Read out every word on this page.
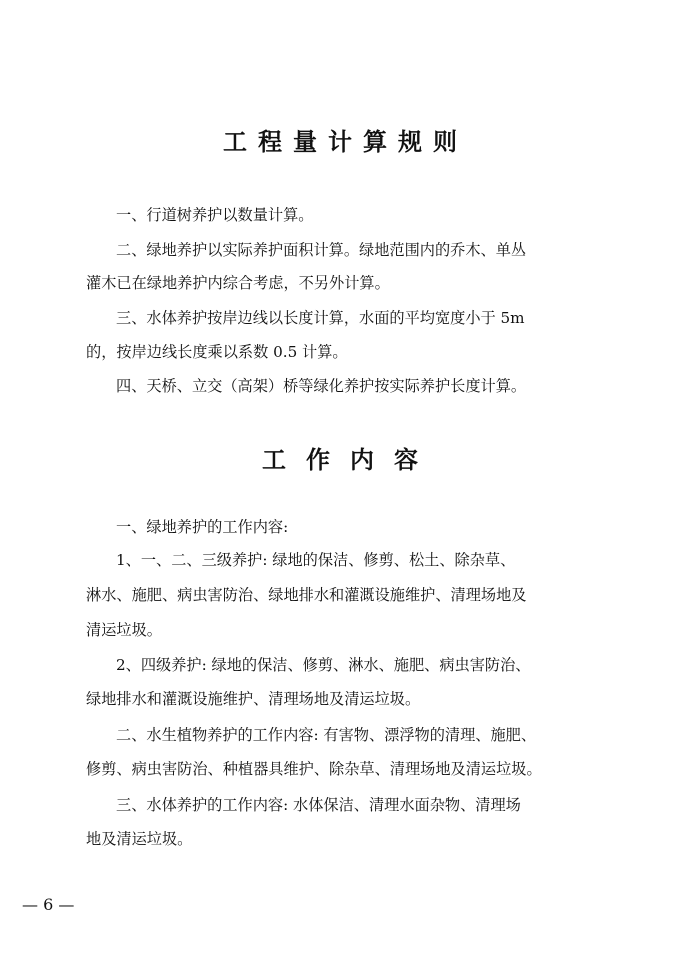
工程量计算规则
一、行道树养护以数量计算。
二、绿地养护以实际养护面积计算。绿地范围内的乔木、单丛
灌木已在绿地养护内综合考虑，不另外计算。
三、水体养护按岸边线以长度计算，水面的平均宽度小于 5m
的，按岸边线长度乘以系数 0.5 计算。
四、天桥、立交（高架）桥等绿化养护按实际养护长度计算。
工作内容
一、绿地养护的工作内容:
1、一、二、三级养护: 绿地的保洁、修剪、松土、除杂草、
淋水、施肥、病虫害防治、绿地排水和灌溉设施维护、清理场地及
清运垃圾。
2、四级养护: 绿地的保洁、修剪、淋水、施肥、病虫害防治、
绿地排水和灌溉设施维护、清理场地及清运垃圾。
二、水生植物养护的工作内容: 有害物、漂浮物的清理、施肥、
修剪、病虫害防治、种植器具维护、除杂草、清理场地及清运垃圾。
三、水体养护的工作内容: 水体保洁、清理水面杂物、清理场
地及清运垃圾。
— 6 —
